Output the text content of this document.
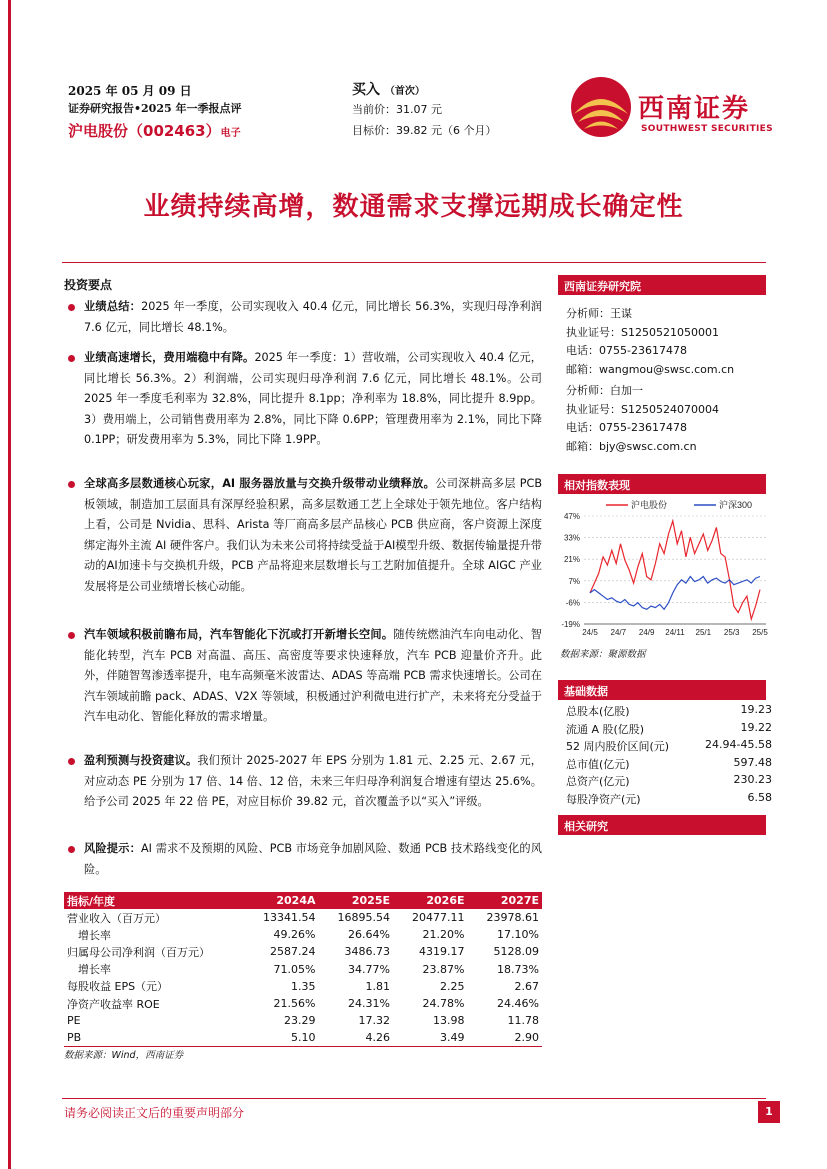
2025 年 05 月 09 日
证券研究报告•2025 年一季报点评
沪电股份（002463）电子
买入 （首次）
当前价：31.07 元
目标价：39.82 元（6 个月）
西南证券
SOUTHWEST SECURITIES
业绩持续高增，数通需求支撑远期成长确定性
投资要点
业绩总结：2025 年一季度，公司实现收入 40.4 亿元，同比增长 56.3%，实现归母净利润 7.6 亿元，同比增长 48.1%。
业绩高速增长，费用端稳中有降。2025 年一季度：1）营收端，公司实现收入 40.4 亿元，同比增长 56.3%。2）利润端，公司实现归母净利润 7.6 亿元，同比增长 48.1%。公司 2025 年一季度毛利率为 32.8%，同比提升 8.1pp；净利率为 18.8%，同比提升 8.9pp。3）费用端上，公司销售费用率为 2.8%，同比下降 0.6PP；管理费用率为 2.1%，同比下降 0.1PP；研发费用率为 5.3%，同比下降 1.9PP。
全球高多层数通核心玩家，AI 服务器放量与交换升级带动业绩释放。公司深耕高多层 PCB 板领域，制造加工层面具有深厚经验积累，高多层数通工艺上全球处于领先地位。客户结构上看，公司是 Nvidia、思科、Arista 等厂商高多层产品核心 PCB 供应商，客户资源上深度绑定海外主流 AI 硬件客户。我们认为未来公司将持续受益于AI模型升级、数据传输量提升带动的AI加速卡与交换机升级，PCB 产品将迎来层数增长与工艺附加值提升。全球 AIGC 产业发展将是公司业绩增长核心动能。
汽车领域积极前瞻布局，汽车智能化下沉或打开新增长空间。随传统燃油汽车向电动化、智能化转型，汽车 PCB 对高温、高压、高密度等要求快速释放，汽车 PCB 迎量价齐升。此外，伴随智驾渗透率提升，电车高频毫米波雷达、ADAS 等高端 PCB 需求快速增长。公司在汽车领域前瞻 pack、ADAS、V2X 等领域，积极通过沪利微电进行扩产，未来将充分受益于汽车电动化、智能化释放的需求增量。
盈利预测与投资建议。我们预计 2025-2027 年 EPS 分别为 1.81 元、2.25 元、2.67 元，对应动态 PE 分别为 17 倍、14 倍、12 倍，未来三年归母净利润复合增速有望达 25.6%。给予公司 2025 年 22 倍 PE，对应目标价 39.82 元，首次覆盖予以“买入”评级。
风险提示：AI 需求不及预期的风险、PCB 市场竞争加剧风险、数通 PCB 技术路线变化的风险。
西南证券研究院
分析师：王谋
执业证号：S1250521050001
电话：0755-23617478
邮箱：wangmou@swsc.com.cn
分析师：白加一
执业证号：S1250524070004
电话：0755-23617478
邮箱：bjy@swsc.com.cn
相对指数表现
47%
33%
21%
7%
-6%
-19%
24/5 24/7 24/9 24/11 25/1 25/3 25/5
沪电股份	沪深300
数据来源：聚源数据
基础数据
总股本(亿股)	19.23
流通 A 股(亿股)	19.22
52 周内股价区间(元)	24.94-45.58
总市值(亿元)	597.48
总资产(亿元)	230.23
每股净资产(元)	6.58
相关研究
指标/年度	2024A	2025E	2026E	2027E
营业收入（百万元）	13341.54	16895.54	20477.11	23978.61
增长率	49.26%	26.64%	21.20%	17.10%
归属母公司净利润（百万元）	2587.24	3486.73	4319.17	5128.09
增长率	71.05%	34.77%	23.87%	18.73%
每股收益 EPS（元）	1.35	1.81	2.25	2.67
净资产收益率 ROE	21.56%	24.31%	24.78%	24.46%
PE	23.29	17.32	13.98	11.78
PB	5.10	4.26	3.49	2.90
数据来源：Wind，西南证券
请务必阅读正文后的重要声明部分	1
